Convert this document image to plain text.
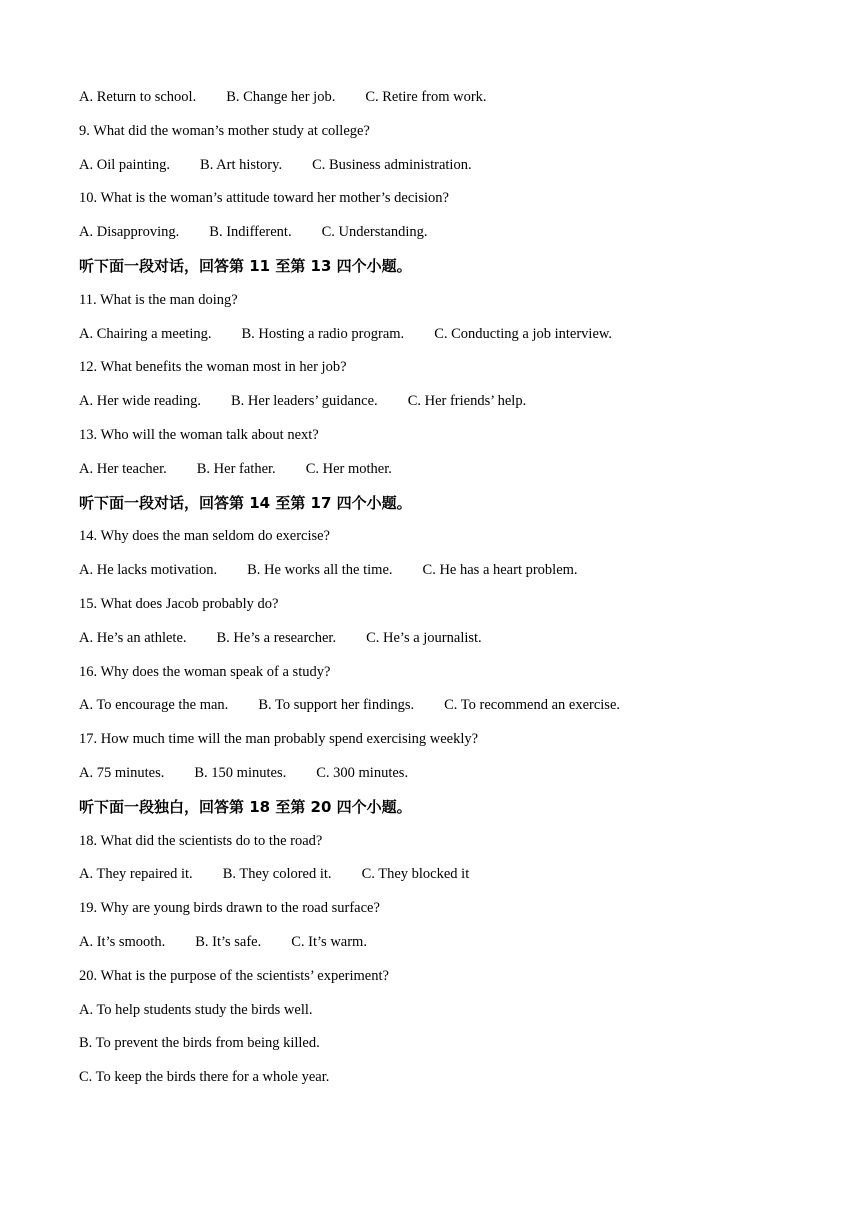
A. Return to school. B. Change her job. C. Retire from work.
9. What did the woman’s mother study at college?
A. Oil painting. B. Art history. C. Business administration.
10. What is the woman’s attitude toward her mother’s decision?
A. Disapproving. B. Indifferent. C. Understanding.
听下面一段对话，回答第 11 至第 13 四个小题。
11. What is the man doing?
A. Chairing a meeting. B. Hosting a radio program. C. Conducting a job interview.
12. What benefits the woman most in her job?
A. Her wide reading. B. Her leaders’ guidance. C. Her friends’ help.
13. Who will the woman talk about next?
A. Her teacher. B. Her father. C. Her mother.
听下面一段对话，回答第 14 至第 17 四个小题。
14. Why does the man seldom do exercise?
A. He lacks motivation. B. He works all the time. C. He has a heart problem.
15. What does Jacob probably do?
A. He’s an athlete. B. He’s a researcher. C. He’s a journalist.
16. Why does the woman speak of a study?
A. To encourage the man. B. To support her findings. C. To recommend an exercise.
17. How much time will the man probably spend exercising weekly?
A. 75 minutes. B. 150 minutes. C. 300 minutes.
听下面一段独白，回答第 18 至第 20 四个小题。
18. What did the scientists do to the road?
A. They repaired it. B. They colored it. C. They blocked it
19. Why are young birds drawn to the road surface?
A. It’s smooth. B. It’s safe. C. It’s warm.
20. What is the purpose of the scientists’ experiment?
A. To help students study the birds well.
B. To prevent the birds from being killed.
C. To keep the birds there for a whole year.
